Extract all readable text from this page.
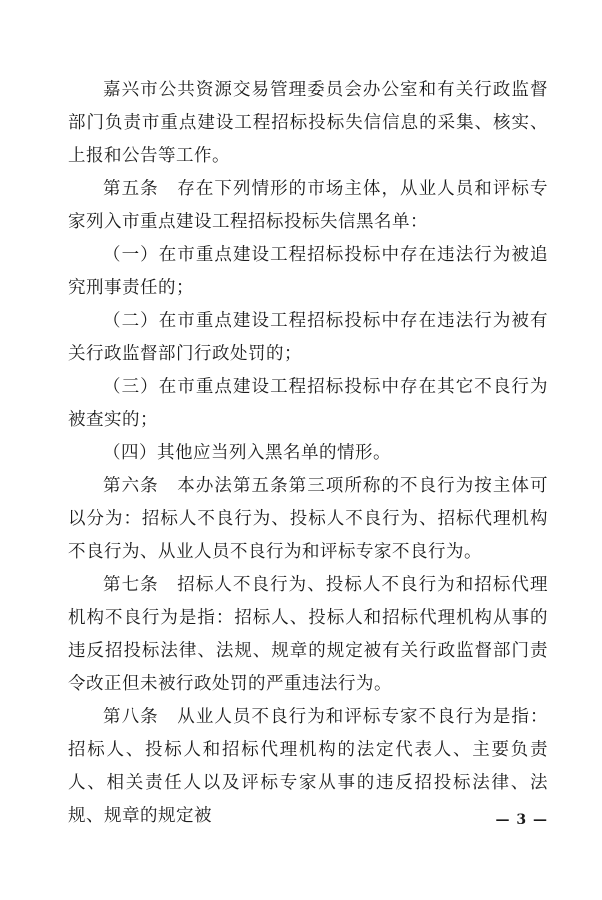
嘉兴市公共资源交易管理委员会办公室和有关行政监督部门负责市重点建设工程招标投标失信信息的采集、核实、上报和公告等工作。

第五条　存在下列情形的市场主体，从业人员和评标专家列入市重点建设工程招标投标失信黑名单：

（一）在市重点建设工程招标投标中存在违法行为被追究刑事责任的；

（二）在市重点建设工程招标投标中存在违法行为被有关行政监督部门行政处罚的；

（三）在市重点建设工程招标投标中存在其它不良行为被查实的；

（四）其他应当列入黑名单的情形。

第六条　本办法第五条第三项所称的不良行为按主体可以分为：招标人不良行为、投标人不良行为、招标代理机构不良行为、从业人员不良行为和评标专家不良行为。

第七条　招标人不良行为、投标人不良行为和招标代理机构不良行为是指：招标人、投标人和招标代理机构从事的违反招投标法律、法规、规章的规定被有关行政监督部门责令改正但未被行政处罚的严重违法行为。

第八条　从业人员不良行为和评标专家不良行为是指：招标人、投标人和招标代理机构的法定代表人、主要负责人、相关责任人以及评标专家从事的违反招投标法律、法规、规章的规定被	— 3 —
